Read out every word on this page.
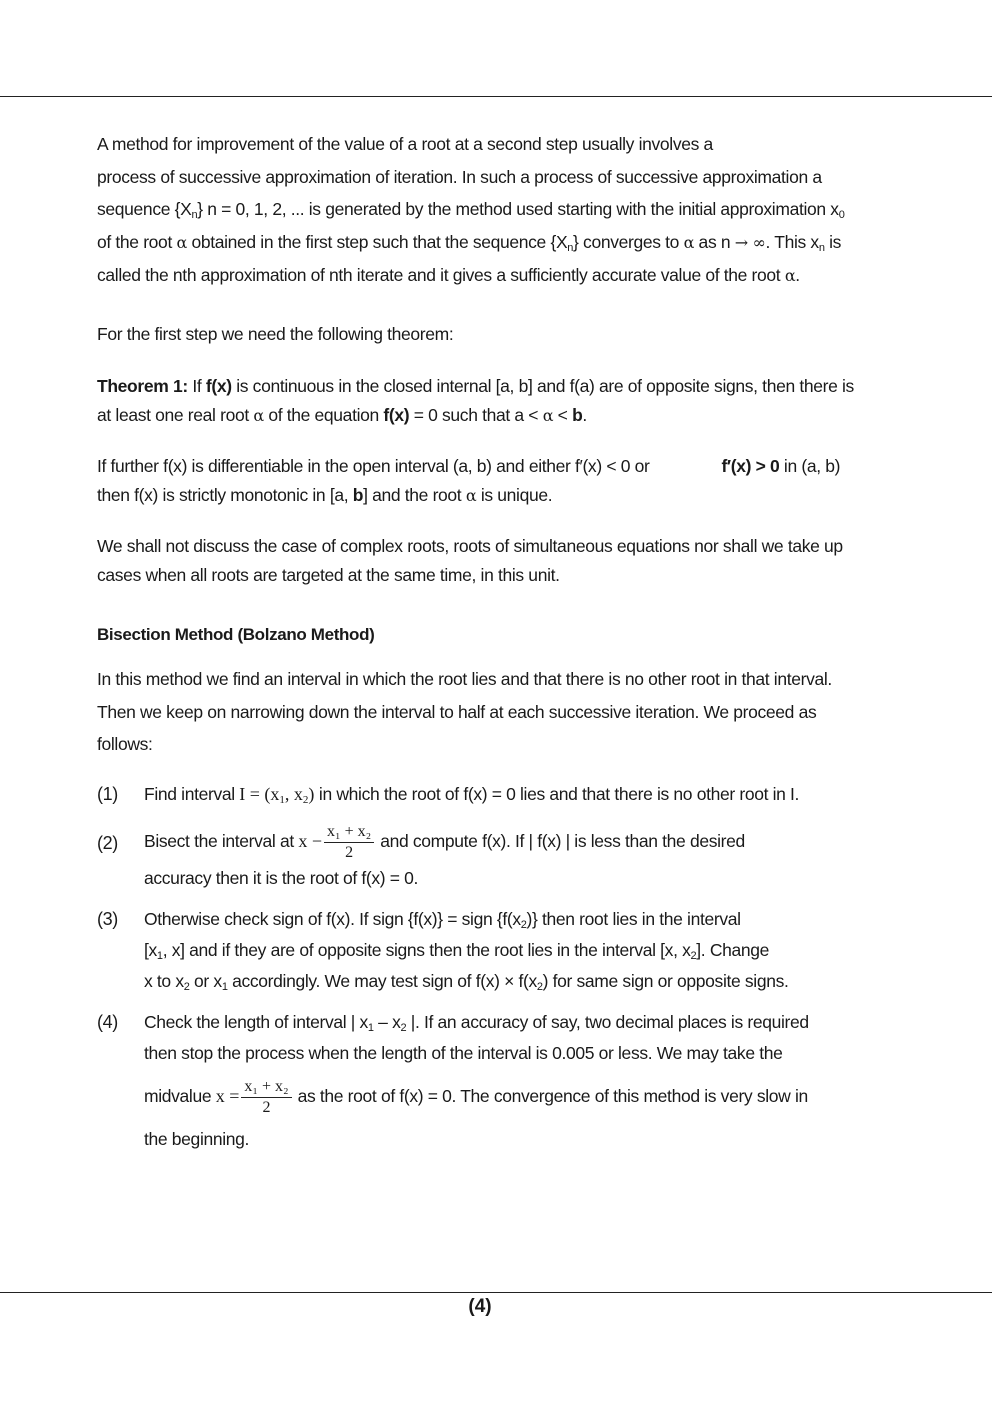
A method for improvement of the value of a root at a second step usually involves a
process of successive approximation of iteration. In such a process of successive approximation a
sequence $\{X_n\} n = 0$, 1, 2, ... is generated by the method used starting with the initial approximation $x_0$
of the root α obtained in the first step such that the sequence $\{X_n\}$ converges to α as n → ∞. This $x_n$ is
called the nth approximation of nth iterate and it gives a sufficiently accurate value of the root α.
For the first step we need the following theorem:
Theorem 1: If f(x) is continuous in the closed internal [a, b] and f(a) are of opposite signs, then there is
at least one real root α of the equation f(x) = 0 such that a < α < b.
If further f(x) is differentiable in the open interval (a, b) and either f′(x) < 0 or	f′(x) > 0 in (a, b)
then f(x) is strictly monotonic in [a, b] and the root α is unique.
We shall not discuss the case of complex roots, roots of simultaneous equations nor shall we take up
cases when all roots are targeted at the same time, in this unit.
Bisection Method (Bolzano Method)
In this method we find an interval in which the root lies and that there is no other root in that interval.
Then we keep on narrowing down the interval to half at each successive iteration. We proceed as
follows:
(1)	Find interval $I = (x_1$, $x_2$) in which the root of f(x) = 0 lies and that there is no other root in I.
(2)	Bisect the interval at $x - \frac{\text{x₁ + x₂}}{2}$ and compute f(x). If | f(x) | is less than the desired
accuracy then it is the root of f(x) = 0.
(3)	Otherwise check sign of f(x). If sign {f(x)} = sign $\{f(x_2)\}$ then root lies in the interval
[$x_1$, x] and if they are of opposite signs then the root lies in the interval [x, $x_2$]. Change
x to $x_2$ or $x_1$ accordingly. We may test sign of $f(x) \times f(x_2)$ for same sign or opposite signs.
(4)	Check the length of interval | $x_1 - x_2$ |. If an accuracy of say, two decimal places is required
then stop the process when the length of the interval is 0.005 or less. We may take the
midvalue $x = \frac{\text{x₁ + x₂}}{2}$ as the root of f(x) = 0. The convergence of this method is very slow in
the beginning.
(4)
